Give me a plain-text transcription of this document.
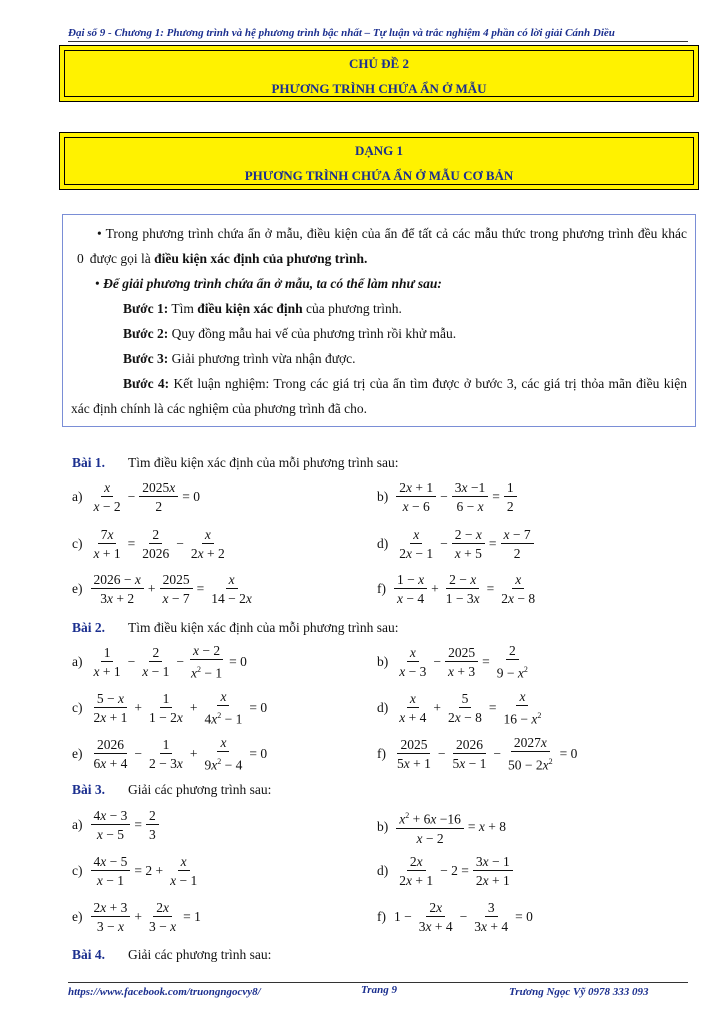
Đại số 9 - Chương 1: Phương trình và hệ phương trình bậc nhất – Tự luận và trắc nghiệm 4 phần có lời giải Cánh Diều
CHỦ ĐỀ 2
PHƯƠNG TRÌNH CHỨA ẨN Ở MẪU
DẠNG 1
PHƯƠNG TRÌNH CHỨA ẨN Ở MẪU CƠ BẢN

• Trong phương trình chứa ẩn ở mẫu, điều kiện của ẩn để tất cả các mẫu thức trong phương trình đều khác 0 được gọi là điều kiện xác định của phương trình.

• Để giải phương trình chứa ẩn ở mẫu, ta có thể làm như sau:

Bước 1: Tìm điều kiện xác định của phương trình.

Bước 2: Quy đồng mẫu hai vế của phương trình rồi khử mẫu.

Bước 3: Giải phương trình vừa nhận được.

Bước 4: Kết luận nghiệm: Trong các giá trị của ẩn tìm được ở bước 3, các giá trị thỏa mãn điều kiện xác định chính là các nghiệm của phương trình đã cho.

Bài 1. Tìm điều kiện xác định của mỗi phương trình sau:
$a) \frac{x}{x - 2} - \frac{2025x}{2} = 0$	$b) \frac{2x + 1}{x - 6} - \frac{3x -1}{6 - x} = \frac{1}{2}$
$c) \frac{7x}{x + 1} = \frac{2}{2026} - \frac{x}{2x + 2}$	$d) \frac{x}{2x - 1} - \frac{2 - x}{x + 5} = \frac{x - 7}{2}$
$e) \frac{2026 - x}{3x + 2} + \frac{2025}{x - 7} = \frac{x}{14 - 2x}$	$f) \frac{1 - x}{x - 4} + \frac{2 - x}{1 - 3x} = \frac{x}{2x - 8}$
Bài 2. Tìm điều kiện xác định của mỗi phương trình sau:
$a) \frac{1}{x + 1} - \frac{2}{x - 1} - \frac{x - 2}{x^2 - 1} = 0$	$b) \frac{x}{x - 3} - \frac{2025}{x + 3} = \frac{2}{9 - x^2}$
$c) \frac{5 - x}{2x + 1} + \frac{1}{1 - 2x} + \frac{x}{4x^2 - 1} = 0$	$d) \frac{x}{x + 4} + \frac{5}{2x - 8} = \frac{x}{16 - x^2}$
$e) \frac{2026}{6x + 4} - \frac{1}{2 - 3x} + \frac{x}{9x^2 - 4} = 0$	$f) \frac{2025}{5x + 1} - \frac{2026}{5x - 1} - \frac{2027x}{50 - 2x^2} = 0$
Bài 3. Giải các phương trình sau:
$a) \frac{4x - 3}{x - 5} = \frac{2}{3}$	$b) \frac{x^2 + 6x -16}{x - 2} = x + 8$
$c) \frac{4x - 5}{x - 1} = 2 + \frac{x}{x - 1}$	$d) \frac{2x}{2x + 1} - 2 = \frac{3x - 1}{2x + 1}$
$e) \frac{2x + 3}{3 - x} + \frac{2x}{3 - x} = 1$	f) $1 - \frac{2x}{3x + 4} - \frac{3}{3x + 4} = 0$
Bài 4. Giải các phương trình sau:
https://www.facebook.com/truongngocvy8/	Trang 9	Trương Ngọc Vỹ 0978 333 093
